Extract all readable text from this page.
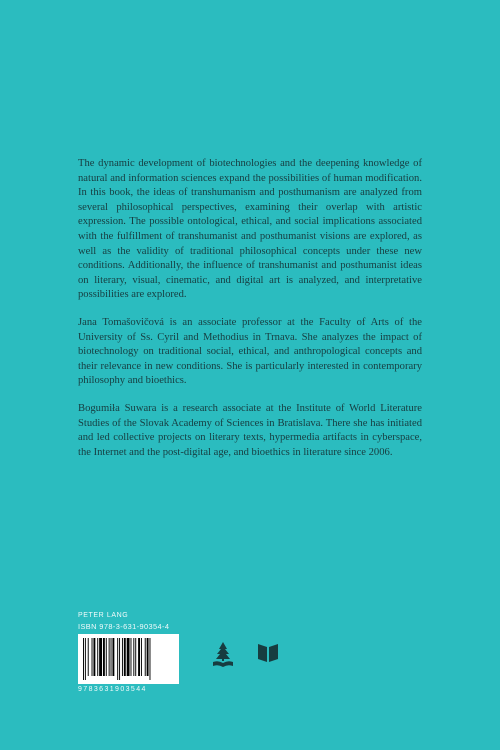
The dynamic development of biotechnologies and the deepening knowledge of natural and information sciences expand the possibilities of human modification. In this book, the ideas of transhumanism and posthumanism are analyzed from several philosophical perspectives, examining their overlap with artistic expression. The possible ontological, ethical, and social implications associated with the fulfillment of transhumanist and posthumanist visions are explored, as well as the validity of traditional philosophical concepts under these new conditions. Additionally, the influence of transhumanist and posthumanist ideas on literary, visual, cinematic, and digital art is analyzed, and interpretative possibilities are explored.

Jana Tomašovičová is an associate professor at the Faculty of Arts of the University of Ss. Cyril and Methodius in Trnava. She analyzes the impact of biotechnology on traditional social, ethical, and anthropological concepts and their relevance in new conditions. She is particularly interested in contemporary philosophy and bioethics.

Bogumiła Suwara is a research associate at the Institute of World Literature Studies of the Slovak Academy of Sciences in Bratislava. There she has initiated and led collective projects on literary texts, hypermedia artifacts in cyberspace, the Internet and the post-digital age, and bioethics in literature since 2006.

PETER LANG
ISBN 978-3-631-90354-4
9783631903544
